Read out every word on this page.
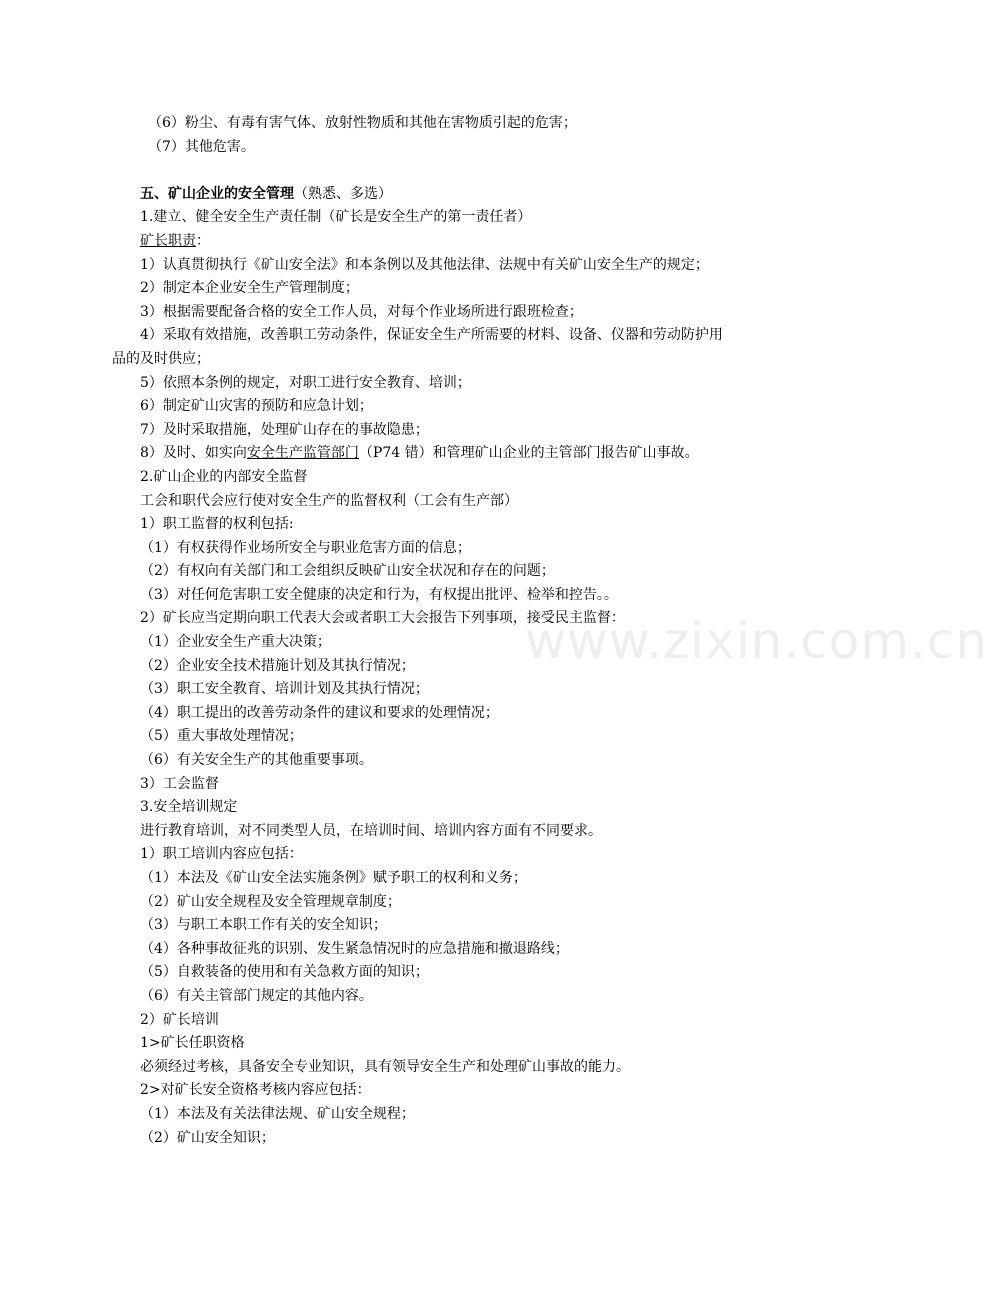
www.zixin.com.cn
（6）粉尘、有毒有害气体、放射性物质和其他在害物质引起的危害；
（7）其他危害。
五、矿山企业的安全管理（熟悉、多选）
1.建立、健全安全生产责任制（矿长是安全生产的第一责任者）
矿长职责：
1）认真贯彻执行《矿山安全法》和本条例以及其他法律、法规中有关矿山安全生产的规定；
2）制定本企业安全生产管理制度；
3）根据需要配备合格的安全工作人员，对每个作业场所进行跟班检查；
4）采取有效措施，改善职工劳动条件，保证安全生产所需要的材料、设备、仪器和劳动防护用
品的及时供应；
5）依照本条例的规定，对职工进行安全教育、培训；
6）制定矿山灾害的预防和应急计划；
7）及时采取措施，处理矿山存在的事故隐患；
8）及时、如实向安全生产监管部门（P74 错）和管理矿山企业的主管部门报告矿山事故。
2.矿山企业的内部安全监督
工会和职代会应行使对安全生产的监督权利（工会有生产部）
1）职工监督的权利包括:
（1）有权获得作业场所安全与职业危害方面的信息；
（2）有权向有关部门和工会组织反映矿山安全状况和存在的问题；
（3）对任何危害职工安全健康的决定和行为，有权提出批评、检举和控告。。
2）矿长应当定期向职工代表大会或者职工大会报告下列事项，接受民主监督：
（1）企业安全生产重大决策；
（2）企业安全技术措施计划及其执行情况；
（3）职工安全教育、培训计划及其执行情况；
（4）职工提出的改善劳动条件的建议和要求的处理情况；
（5）重大事故处理情况；
（6）有关安全生产的其他重要事项。
3）工会监督
3.安全培训规定
进行教育培训，对不同类型人员，在培训时间、培训内容方面有不同要求。
1）职工培训内容应包括：
（1）本法及《矿山安全法实施条例》赋予职工的权利和义务；
（2）矿山安全规程及安全管理规章制度；
（3）与职工本职工作有关的安全知识；
（4）各种事故征兆的识别、发生紧急情况时的应急措施和撤退路线；
（5）自救装备的使用和有关急救方面的知识；
（6）有关主管部门规定的其他内容。
2）矿长培训
1>矿长任职资格
必须经过考核，具备安全专业知识，具有领导安全生产和处理矿山事故的能力。
2>对矿长安全资格考核内容应包括：
（1）本法及有关法律法规、矿山安全规程；
（2）矿山安全知识；
